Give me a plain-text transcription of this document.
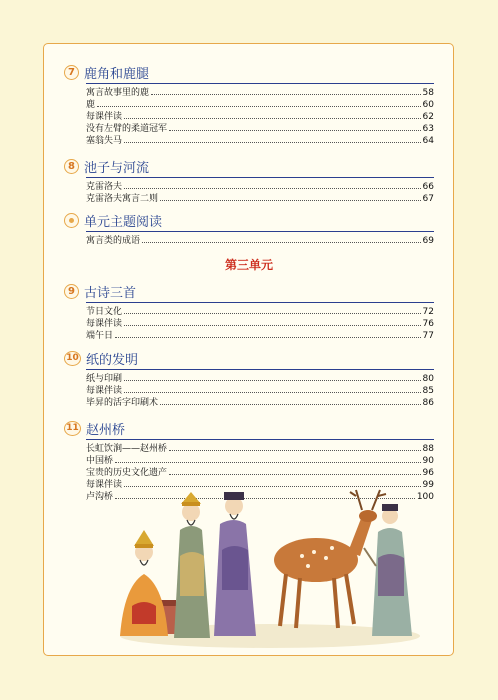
7 鹿角和鹿腿
寓言故事里的鹿	58
鹿	60
每课伴读	62
没有左臂的柔道冠军	63
塞翁失马	64
8 池子与河流
克雷洛夫	66
克雷洛夫寓言二则	67
单元主题阅读
寓言类的成语	69
第三单元
9 古诗三首
节日文化	72
每课伴读	76
端午日	77
10 纸的发明
纸与印刷	80
每课伴读	85
毕昇的活字印刷术	86
11 赵州桥
长虹饮涧——赵州桥	88
中国桥	90
宝贵的历史文化遗产	96
每课伴读	99
卢沟桥	100
